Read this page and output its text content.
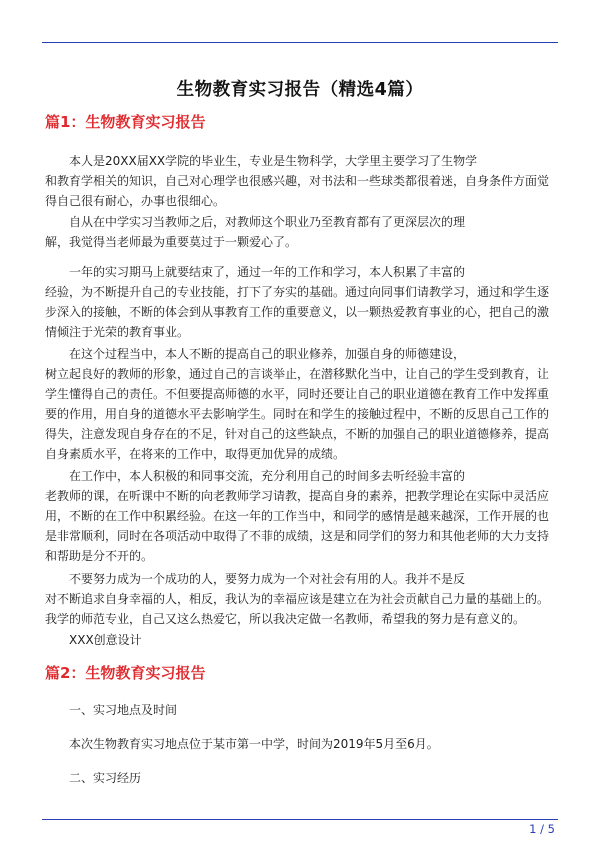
生物教育实习报告（精选4篇）
篇1：生物教育实习报告

本人是20XX届XX学院的毕业生，专业是生物科学，大学里主要学习了生物学
和教育学相关的知识，自己对心理学也很感兴趣，对书法和一些球类都很着迷，自身条件方面觉
得自己很有耐心，办事也很细心。

自从在中学实习当教师之后，对教师这个职业乃至教育都有了更深层次的理
解，我觉得当老师最为重要莫过于一颗爱心了。

一年的实习期马上就要结束了，通过一年的工作和学习，本人积累了丰富的
经验，为不断提升自己的专业技能，打下了夯实的基础。通过向同事们请教学习，通过和学生逐
步深入的接触，不断的体会到从事教育工作的重要意义，以一颗热爱教育事业的心，把自己的激
情倾注于光荣的教育事业。

在这个过程当中，本人不断的提高自己的职业修养，加强自身的师德建设，
树立起良好的教师的形象，通过自己的言谈举止，在潜移默化当中，让自己的学生受到教育，让
学生懂得自己的责任。不但要提高师德的水平，同时还要让自己的职业道德在教育工作中发挥重
要的作用，用自身的道德水平去影响学生。同时在和学生的接触过程中，不断的反思自己工作的
得失，注意发现自身存在的不足，针对自己的这些缺点，不断的加强自己的职业道德修养，提高
自身素质水平，在将来的工作中，取得更加优异的成绩。

在工作中，本人积极的和同事交流，充分利用自己的时间多去听经验丰富的
老教师的课，在听课中不断的向老教师学习请教，提高自身的素养，把教学理论在实际中灵活应
用，不断的在工作中积累经验。在这一年的工作当中，和同学的感情是越来越深，工作开展的也
是非常顺利，同时在各项活动中取得了不菲的成绩，这是和同学们的努力和其他老师的大力支持
和帮助是分不开的。

不要努力成为一个成功的人，要努力成为一个对社会有用的人。我并不是反
对不断追求自身幸福的人，相反，我认为的幸福应该是建立在为社会贡献自己力量的基础上的。
我学的师范专业，自己又这么热爱它，所以我决定做一名教师，希望我的努力是有意义的。

XXX创意设计

篇2：生物教育实习报告

一、实习地点及时间

本次生物教育实习地点位于某市第一中学，时间为2019年5月至6月。

二、实习经历

1 / 5
